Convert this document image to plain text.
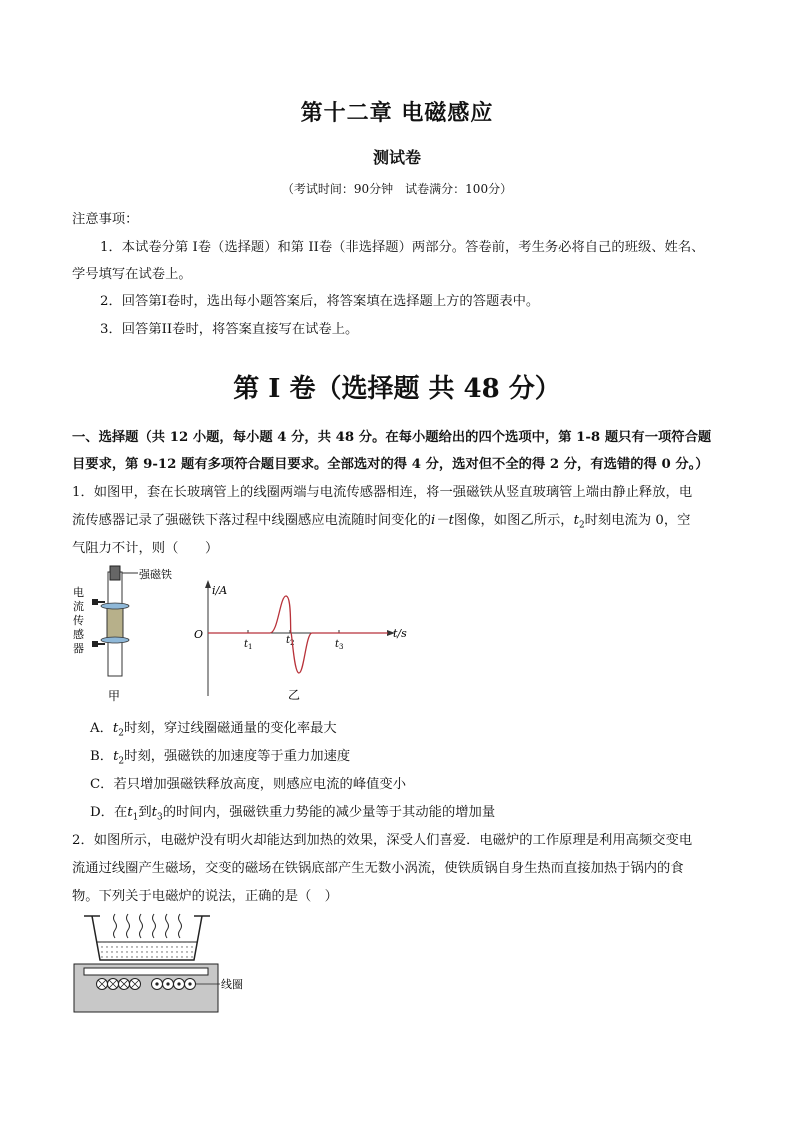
第十二章 电磁感应
测试卷
（考试时间：90分钟　试卷满分：100分）
注意事项：
1．本试卷分第 I卷（选择题）和第 II卷（非选择题）两部分。答卷前，考生务必将自己的班级、姓名、
学号填写在试卷上。
2．回答第I卷时，选出每小题答案后，将答案填在选择题上方的答题表中。
3．回答第II卷时，将答案直接写在试卷上。
第 I 卷（选择题 共 48 分）
一、选择题（共 12 小题，每小题 4 分，共 48 分。在每小题给出的四个选项中，第 1-8 题只有一项符合题
目要求，第 9-12 题有多项符合题目要求。全部选对的得 4 分，选对但不全的得 2 分，有选错的得 0 分。）
1．如图甲，套在长玻璃管上的线圈两端与电流传感器相连，将一强磁铁从竖直玻璃管上端由静止释放，电
流传感器记录了强磁铁下落过程中线圈感应电流随时间变化的i－t图像，如图乙所示，$t_2$时刻电流为 0，空
气阻力不计，则（　　）
强磁铁
电
流
传
感
器
甲
i/A
t/s
O
$t_1$
$t_2$	$t_3$
乙
A．$t_2$时刻，穿过线圈磁通量的变化率最大
B．$t_2$时刻，强磁铁的加速度等于重力加速度
C．若只增加强磁铁释放高度，则感应电流的峰值变小
D．在$t_1$到$t_3$的时间内，强磁铁重力势能的减少量等于其动能的增加量
2．如图所示，电磁炉没有明火却能达到加热的效果，深受人们喜爱．电磁炉的工作原理是利用高频交变电
流通过线圈产生磁场，交变的磁场在铁锅底部产生无数小涡流，使铁质锅自身生热而直接加热于锅内的食
物。下列关于电磁炉的说法，正确的是（　）
线圈
